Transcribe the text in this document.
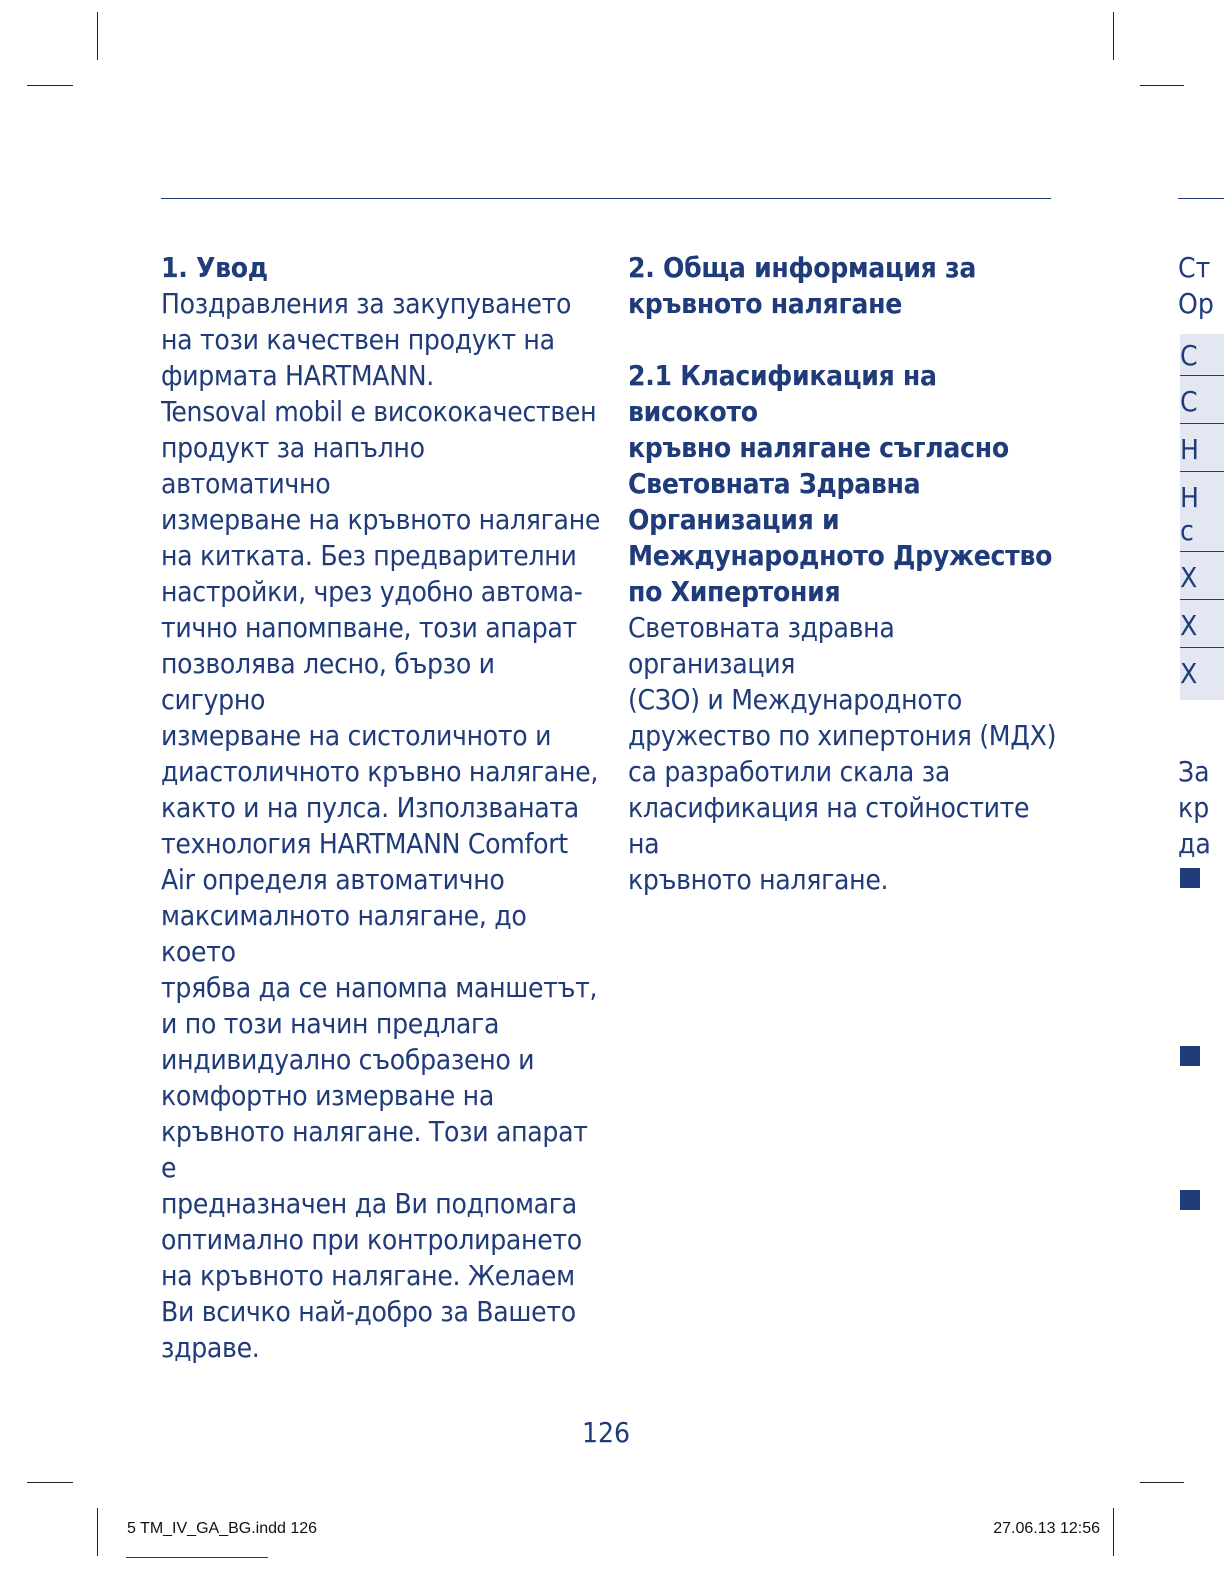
1. Увод

Поздравления за закупуването

на този качествен продукт на

фирмата HARTMANN.

Tensoval mobil е висококачествен

продукт за напълно автоматично

измерване на кръвното налягане

на китката. Без предварителни

настройки, чрез удобно автома-

тично напомпване, този апарат

позволява лесно, бързо и сигурно

измерване на систоличното и

диастоличното кръвно налягане,

както и на пулса. Използваната

технология HARTMANN Comfort

Air определя автоматично

максималното налягане, до което

трябва да се напомпа маншетът,

и по този начин предлага

индивидуално съобразено и

комфортно измерване на

кръвното налягане. Този апарат е

предназначен да Ви подпомага

оптимално при контролирането

на кръвното налягане. Желаем

Ви всичко най-добро за Вашето

здраве.

2. Обща информация за
кръвното налягане
2.1 Класификация на високото
кръвно налягане съгласно
Световната Здравна
Организация и
Международното Дружество
по Хипертония

Световната здравна организация

(СЗО) и Международното

дружество по хипертония (МДХ)

са разработили скала за

класификация на стойностите на

кръвното налягане.

Ст
Ор
С
С
Н
Н
с
Х
Х
Х
За
кр
да
126
5 TM_IV_GA_BG.indd 126	27.06.13 12:56
